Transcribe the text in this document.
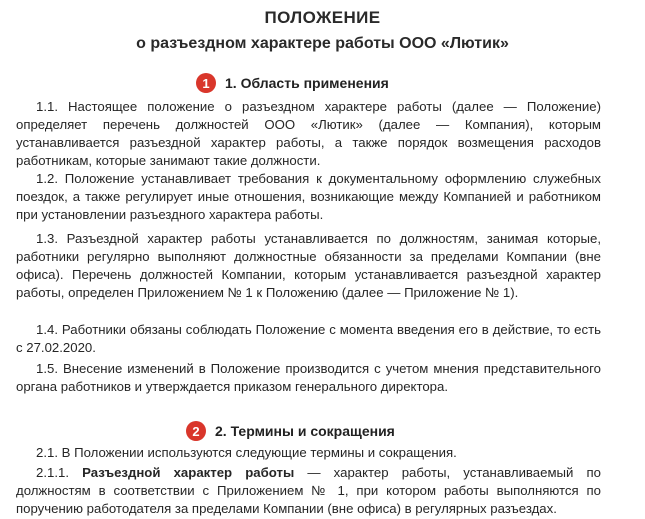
ПОЛОЖЕНИЕ
о разъездном характере работы ООО «Лютик»
1	1. Область применения
1.1. Настоящее положение о разъездном характере работы (далее — Положение) определяет перечень должностей ООО «Лютик» (далее — Компания), которым устанавливается разъездной характер работы, а также порядок возмещения расходов работникам, которые занимают такие должности.
1.2. Положение устанавливает требования к документальному оформлению служебных поездок, а также регулирует иные отношения, возникающие между Компанией и работником при установлении разъездного характера работы.
1.3. Разъездной характер работы устанавливается по должностям, занимая которые, работники регулярно выполняют должностные обязанности за пределами Компании (вне офиса). Перечень должностей Компании, которым устанавливается разъездной характер работы, определен Приложением № 1 к Положению (далее — Приложение № 1).
1.4. Работники обязаны соблюдать Положение с момента введения его в действие, то есть с 27.02.2020.
1.5. Внесение изменений в Положение производится с учетом мнения представительного органа работников и утверждается приказом генерального директора.
2	2. Термины и сокращения
2.1. В Положении используются следующие термины и сокращения.
2.1.1. Разъездной характер работы — характер работы, устанавливаемый по должностям в соответствии с Приложением № 1, при котором работы выполняются по поручению работодателя за пределами Компании (вне офиса) в регулярных разъездах.
